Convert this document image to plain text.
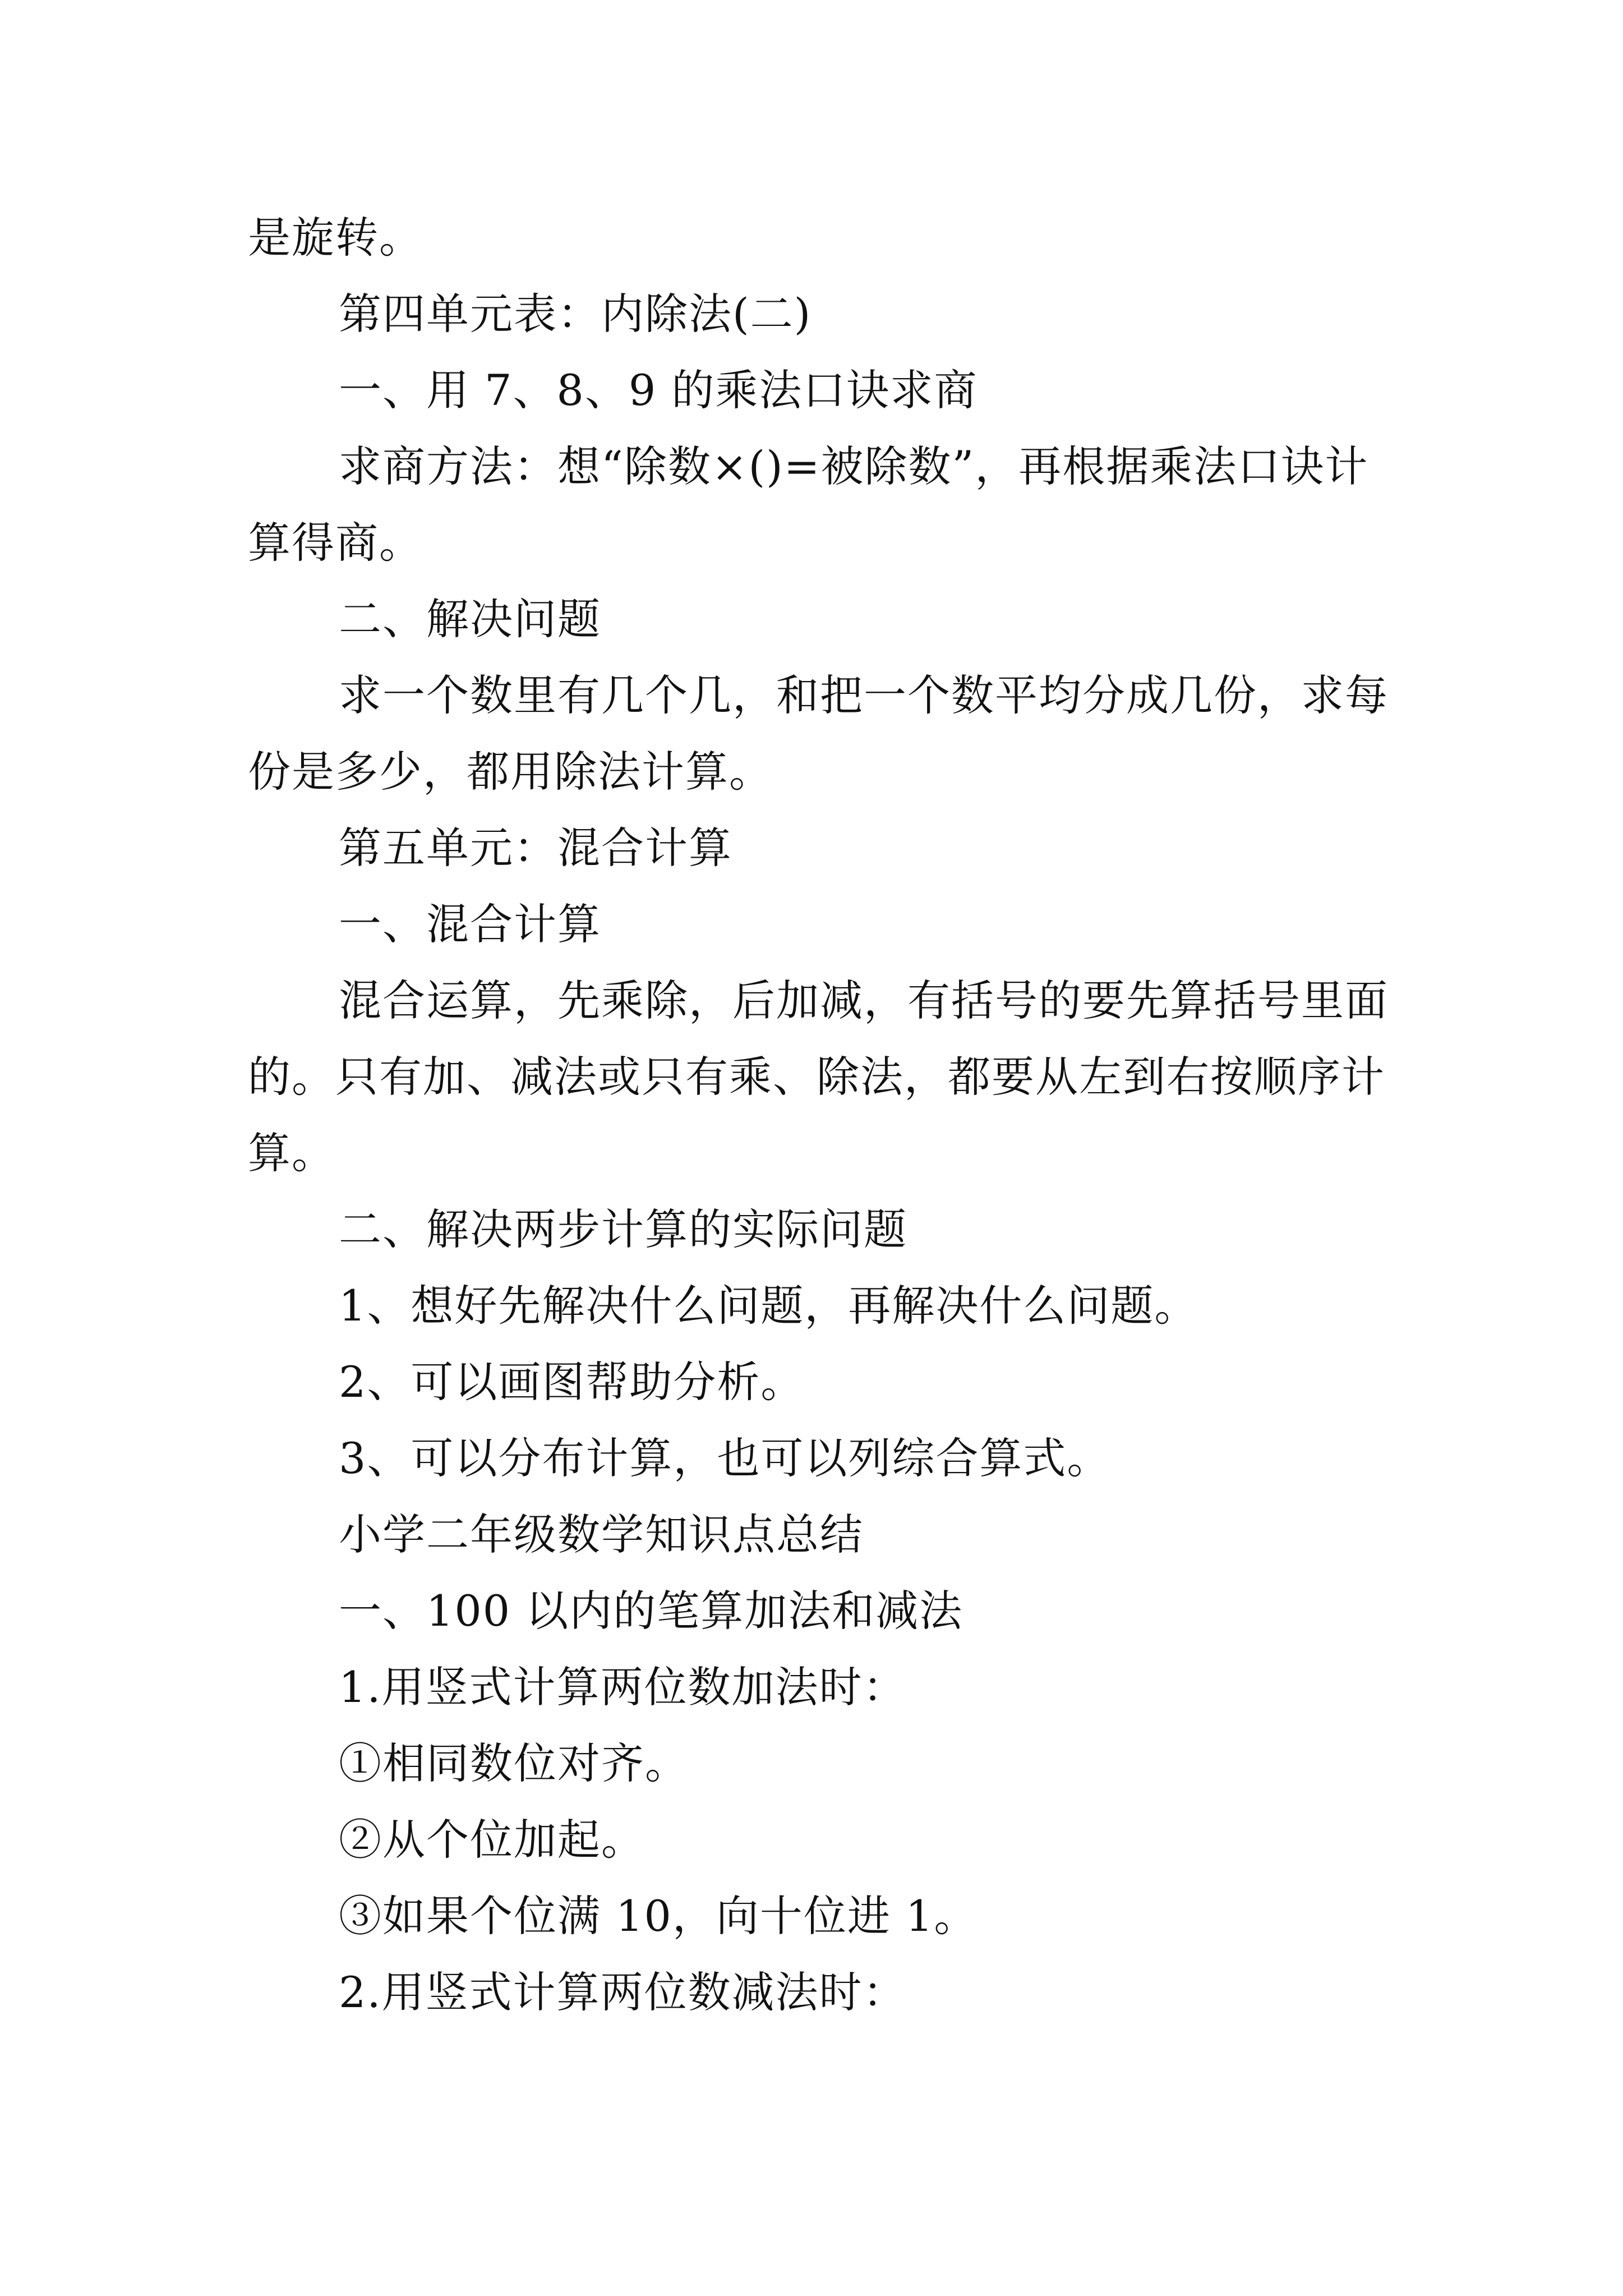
是旋转。
第四单元表：内除法(二)
一、用 7、8、9 的乘法口诀求商
求商方法：想“除数×()=被除数”，再根据乘法口诀计
算得商。
二、解决问题
求一个数里有几个几，和把一个数平均分成几份，求每
份是多少，都用除法计算。
第五单元：混合计算
一、混合计算
混合运算，先乘除，后加减，有括号的要先算括号里面
的。只有加、减法或只有乘、除法，都要从左到右按顺序计
算。
二、解决两步计算的实际问题
1、想好先解决什么问题，再解决什么问题。
2、可以画图帮助分析。
3、可以分布计算，也可以列综合算式。
小学二年级数学知识点总结
一、100 以内的笔算加法和减法
1.用竖式计算两位数加法时：
①相同数位对齐。
②从个位加起。
③如果个位满 10，向十位进 1。
2.用竖式计算两位数减法时：
